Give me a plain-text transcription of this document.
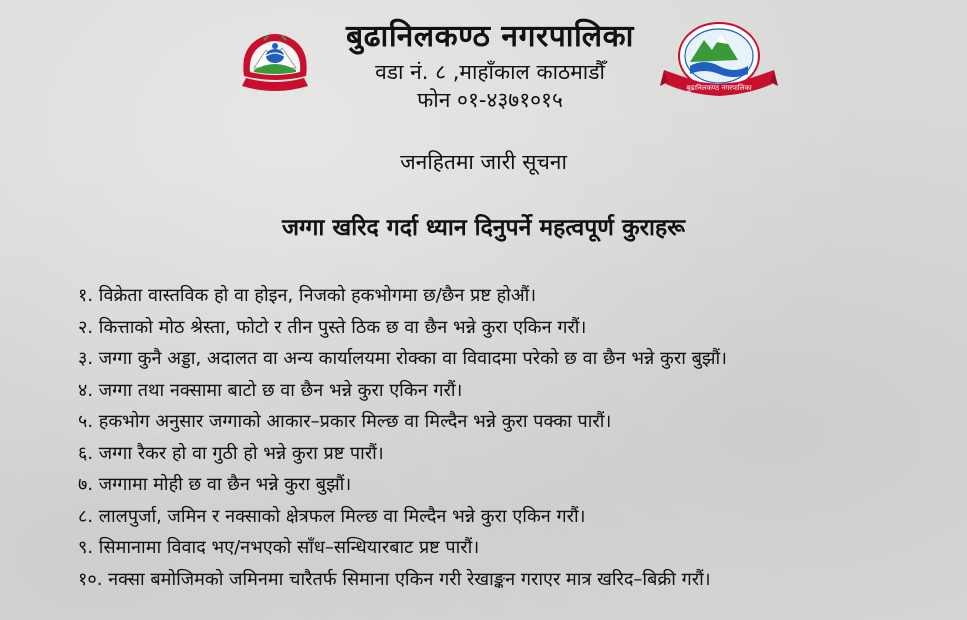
बुढानिलकण्ठ नगरपालिका
बुढानिलकण्ठ नगरपालिका
वडा नं. ८ ,माहाँकाल काठमाडौँ
फोन ०१-४३७१०१५
जनहितमा जारी सूचना
जग्गा खरिद गर्दा ध्यान दिनुपर्ने महत्वपूर्ण कुराहरू
१. विक्रेता वास्तविक हो वा होइन, निजको हकभोगमा छ/छैन प्रष्ट होऔं।
२. कित्ताको मोठ श्रेस्ता, फोटो र तीन पुस्ते ठिक छ वा छैन भन्ने कुरा एकिन गरौं।
३. जग्गा कुनै अड्डा, अदालत वा अन्य कार्यालयमा रोक्का वा विवादमा परेको छ वा छैन भन्ने कुरा बुझौं।
४. जग्गा तथा नक्सामा बाटो छ वा छैन भन्ने कुरा एकिन गरौं।
५. हकभोग अनुसार जग्गाको आकार–प्रकार मिल्छ वा मिल्दैन भन्ने कुरा पक्का पारौं।
६. जग्गा रैकर हो वा गुठी हो भन्ने कुरा प्रष्ट पारौं।
७. जग्गामा मोही छ वा छैन भन्ने कुरा बुझौं।
८. लालपुर्जा, जमिन र नक्साको क्षेत्रफल मिल्छ वा मिल्दैन भन्ने कुरा एकिन गरौं।
९. सिमानामा विवाद भए/नभएको साँध–सन्धियारबाट प्रष्ट पारौं।
१०. नक्सा बमोजिमको जमिनमा चारैतर्फ सिमाना एकिन गरी रेखाङ्कन गराएर मात्र खरिद–बिक्री गरौं।
